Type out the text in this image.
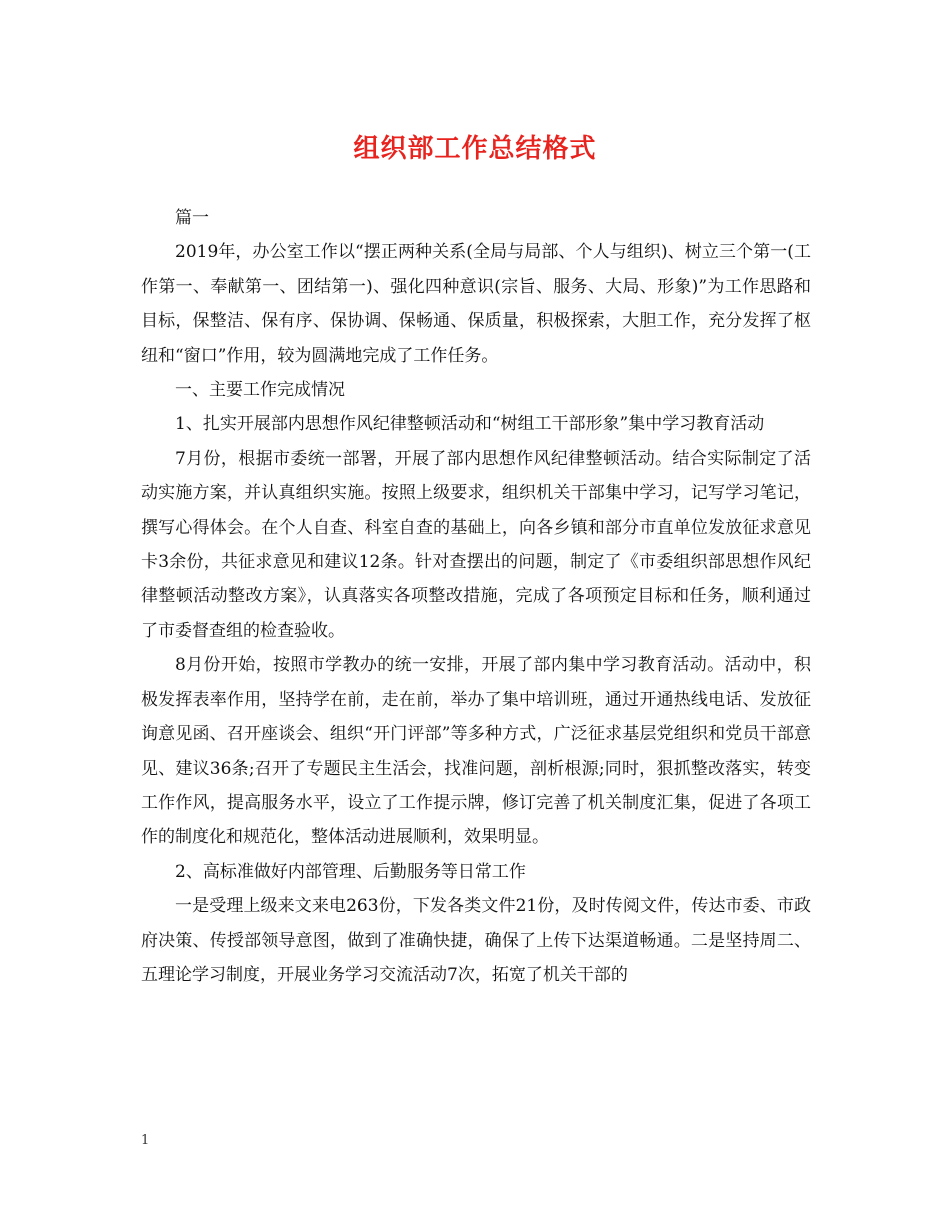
组织部工作总结格式

篇一

2019年，办公室工作以“摆正两种关系(全局与局部、个人与组织)、树立三个第一(工作第一、奉献第一、团结第一)、强化四种意识(宗旨、服务、大局、形象)”为工作思路和目标，保整洁、保有序、保协调、保畅通、保质量，积极探索，大胆工作，充分发挥了枢纽和“窗口”作用，较为圆满地完成了工作任务。

一、主要工作完成情况

1、扎实开展部内思想作风纪律整顿活动和“树组工干部形象”集中学习教育活动

7月份，根据市委统一部署，开展了部内思想作风纪律整顿活动。结合实际制定了活动实施方案，并认真组织实施。按照上级要求，组织机关干部集中学习，记写学习笔记，撰写心得体会。在个人自查、科室自查的基础上，向各乡镇和部分市直单位发放征求意见卡3余份，共征求意见和建议12条。针对查摆出的问题，制定了《市委组织部思想作风纪律整顿活动整改方案》，认真落实各项整改措施，完成了各项预定目标和任务，顺利通过了市委督查组的检查验收。

8月份开始，按照市学教办的统一安排，开展了部内集中学习教育活动。活动中，积极发挥表率作用，坚持学在前，走在前，举办了集中培训班，通过开通热线电话、发放征询意见函、召开座谈会、组织“开门评部”等多种方式，广泛征求基层党组织和党员干部意见、建议36条;召开了专题民主生活会，找准问题，剖析根源;同时，狠抓整改落实，转变工作作风，提高服务水平，设立了工作提示牌，修订完善了机关制度汇集，促进了各项工作的制度化和规范化，整体活动进展顺利，效果明显。

2、高标准做好内部管理、后勤服务等日常工作

一是受理上级来文来电263份，下发各类文件21份，及时传阅文件，传达市委、市政府决策、传授部领导意图，做到了准确快捷，确保了上传下达渠道畅通。二是坚持周二、五理论学习制度，开展业务学习交流活动7次，拓宽了机关干部的

1
